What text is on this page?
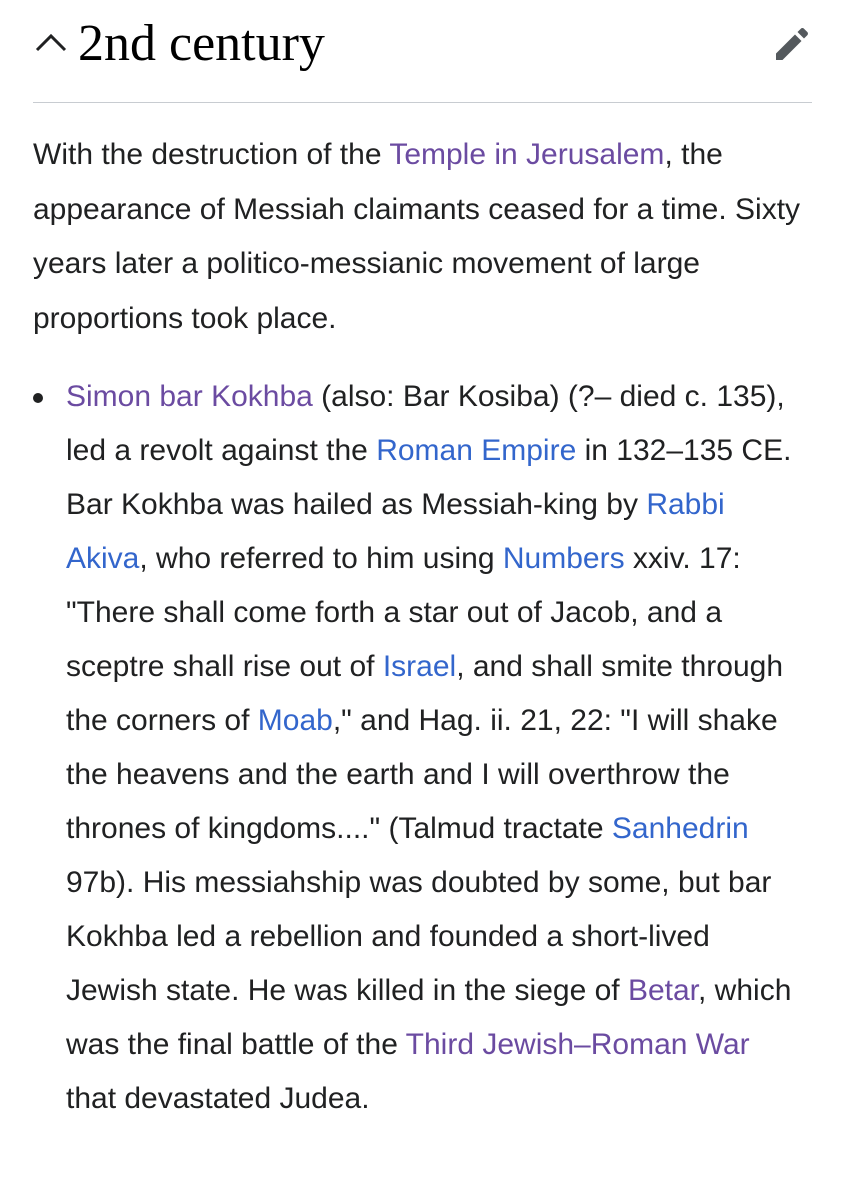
2nd century

With the destruction of the Temple in Jerusalem, the appearance of Messiah claimants ceased for a time. Sixty years later a politico-messianic movement of large proportions took place.

Simon bar Kokhba (also: Bar Kosiba) (?– died c. 135), led a revolt against the Roman Empire in 132–135 CE. Bar Kokhba was hailed as Messiah-king by Rabbi Akiva, who referred to him using Numbers xxiv. 17: "There shall come forth a star out of Jacob, and a sceptre shall rise out of Israel, and shall smite through the corners of Moab," and Hag. ii. 21, 22: "I will shake the heavens and the earth and I will overthrow the thrones of kingdoms...." (Talmud tractate Sanhedrin 97b). His messiahship was doubted by some, but bar Kokhba led a rebellion and founded a short-lived Jewish state. He was killed in the siege of Betar, which was the final battle of the Third Jewish–Roman War that devastated Judea.
